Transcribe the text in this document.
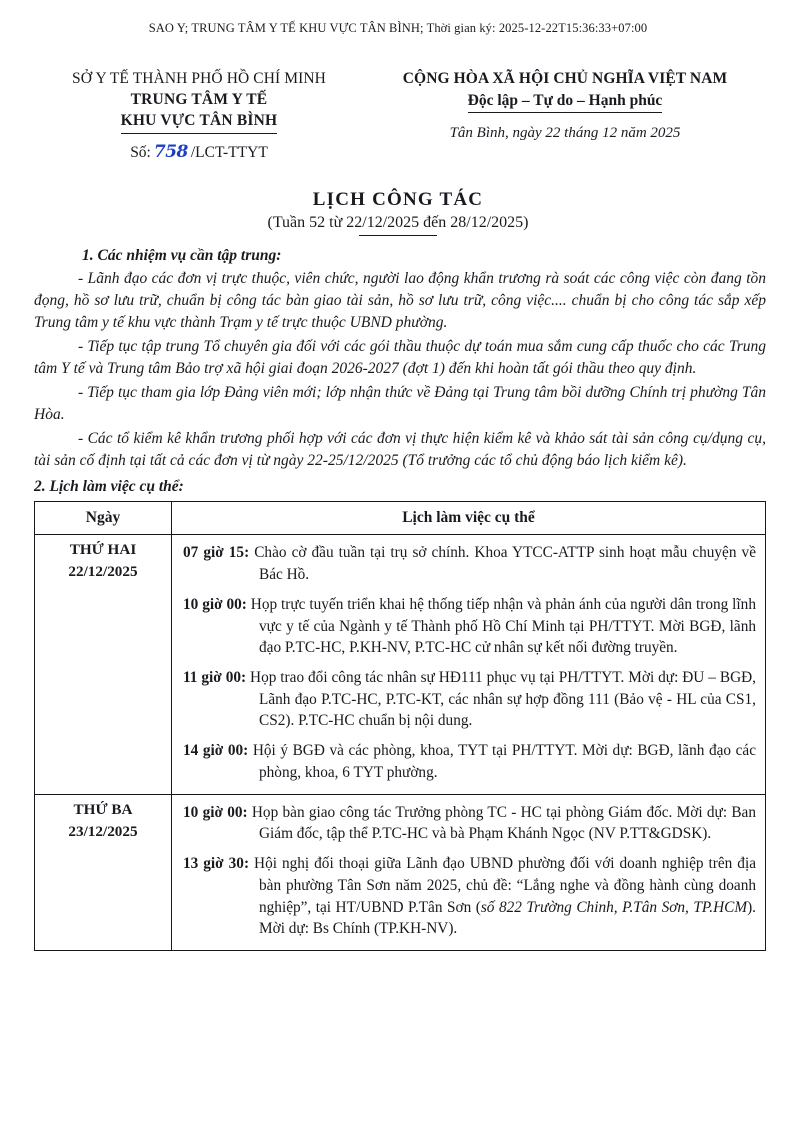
SAO Y; TRUNG TÂM Y TẾ KHU VỰC TÂN BÌNH; Thời gian ký: 2025-12-22T15:36:33+07:00
SỞ Y TẾ THÀNH PHỐ HỒ CHÍ MINH
TRUNG TÂM Y TẾ
KHU VỰC TÂN BÌNH
Số: 758 /LCT-TTYT
CỘNG HÒA XÃ HỘI CHỦ NGHĨA VIỆT NAM
Độc lập – Tự do – Hạnh phúc
Tân Bình, ngày 22 tháng 12 năm 2025
LỊCH CÔNG TÁC
(Tuần 52 từ 22/12/2025 đến 28/12/2025)
1. Các nhiệm vụ cần tập trung:

- Lãnh đạo các đơn vị trực thuộc, viên chức, người lao động khẩn trương rà soát các công việc còn đang tồn đọng, hồ sơ lưu trữ, chuẩn bị công tác bàn giao tài sản, hồ sơ lưu trữ, công việc.... chuẩn bị cho công tác sắp xếp Trung tâm y tế khu vực thành Trạm y tế trực thuộc UBND phường.

- Tiếp tục tập trung Tổ chuyên gia đối với các gói thầu thuộc dự toán mua sắm cung cấp thuốc cho các Trung tâm Y tế và Trung tâm Bảo trợ xã hội giai đoạn 2026-2027 (đợt 1) đến khi hoàn tất gói thầu theo quy định.

- Tiếp tục tham gia lớp Đảng viên mới; lớp nhận thức về Đảng tại Trung tâm bồi dưỡng Chính trị phường Tân Hòa.

- Các tổ kiểm kê khẩn trương phối hợp với các đơn vị thực hiện kiểm kê và khảo sát tài sản công cụ/dụng cụ, tài sản cố định tại tất cả các đơn vị từ ngày 22-25/12/2025 (Tổ trưởng các tổ chủ động báo lịch kiểm kê).

2. Lịch làm việc cụ thể:
Ngày	Lịch làm việc cụ thể

THỨ HAI
22/12/2025

07 giờ 15: Chào cờ đầu tuần tại trụ sở chính. Khoa YTCC-ATTP sinh hoạt mẫu chuyện về Bác Hồ.
10 giờ 00: Họp trực tuyến triển khai hệ thống tiếp nhận và phản ánh của người dân trong lĩnh vực y tế của Ngành y tế Thành phố Hồ Chí Minh tại PH/TTYT. Mời BGĐ, lãnh đạo P.TC-HC, P.KH-NV, P.TC-HC cử nhân sự kết nối đường truyền.
11 giờ 00: Họp trao đổi công tác nhân sự HĐ111 phục vụ tại PH/TTYT. Mời dự: ĐU – BGĐ, Lãnh đạo P.TC-HC, P.TC-KT, các nhân sự hợp đồng 111 (Bảo vệ - HL của CS1, CS2). P.TC-HC chuẩn bị nội dung.
14 giờ 00: Hội ý BGĐ và các phòng, khoa, TYT tại PH/TTYT. Mời dự: BGĐ, lãnh đạo các phòng, khoa, 6 TYT phường.

THỨ BA
23/12/2025

10 giờ 00: Họp bàn giao công tác Trưởng phòng TC - HC tại phòng Giám đốc. Mời dự: Ban Giám đốc, tập thể P.TC-HC và bà Phạm Khánh Ngọc (NV P.TT&GDSK).
13 giờ 30: Hội nghị đối thoại giữa Lãnh đạo UBND phường đối với doanh nghiệp trên địa bàn phường Tân Sơn năm 2025, chủ đề: “Lắng nghe và đồng hành cùng doanh nghiệp”, tại HT/UBND P.Tân Sơn (số 822 Trường Chinh, P.Tân Sơn, TP.HCM). Mời dự: Bs Chính (TP.KH-NV).
